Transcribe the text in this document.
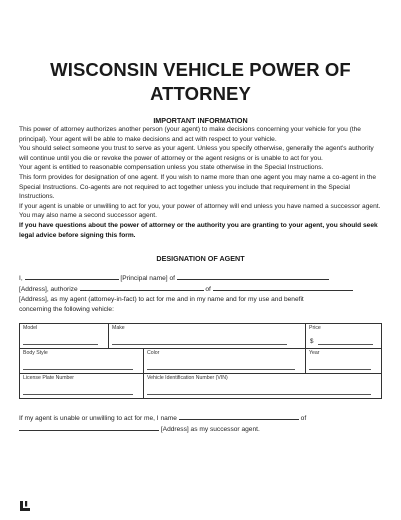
WISCONSIN VEHICLE POWER OF
ATTORNEY
IMPORTANT INFORMATION

This power of attorney authorizes another person (your agent) to make decisions concerning your vehicle for you (the principal). Your agent will be able to make decisions and act with respect to your vehicle.

You should select someone you trust to serve as your agent. Unless you specify otherwise, generally the agent's authority will continue until you die or revoke the power of attorney or the agent resigns or is unable to act for you.

Your agent is entitled to reasonable compensation unless you state otherwise in the Special Instructions.

This form provides for designation of one agent. If you wish to name more than one agent you may name a co-agent in the Special Instructions. Co-agents are not required to act together unless you include that requirement in the Special Instructions.

If your agent is unable or unwilling to act for you, your power of attorney will end unless you have named a successor agent. You may also name a second successor agent.

If you have questions about the power of attorney or the authority you are granting to your agent, you should seek legal advice before signing this form.

DESIGNATION OF AGENT
I,	[Principal name] of
[Address], authorize	of
[Address], as my agent (attorney-in-fact) to act for me and in my name and for my use and benefit
concerning the following vehicle:
Model	Make		Price
$

Body Style		Color	Year

License Plate Number		Vehicle Identification Number (VIN)	
If my agent is unable or unwilling to act for me, I name	of
[Address] as my successor agent.
